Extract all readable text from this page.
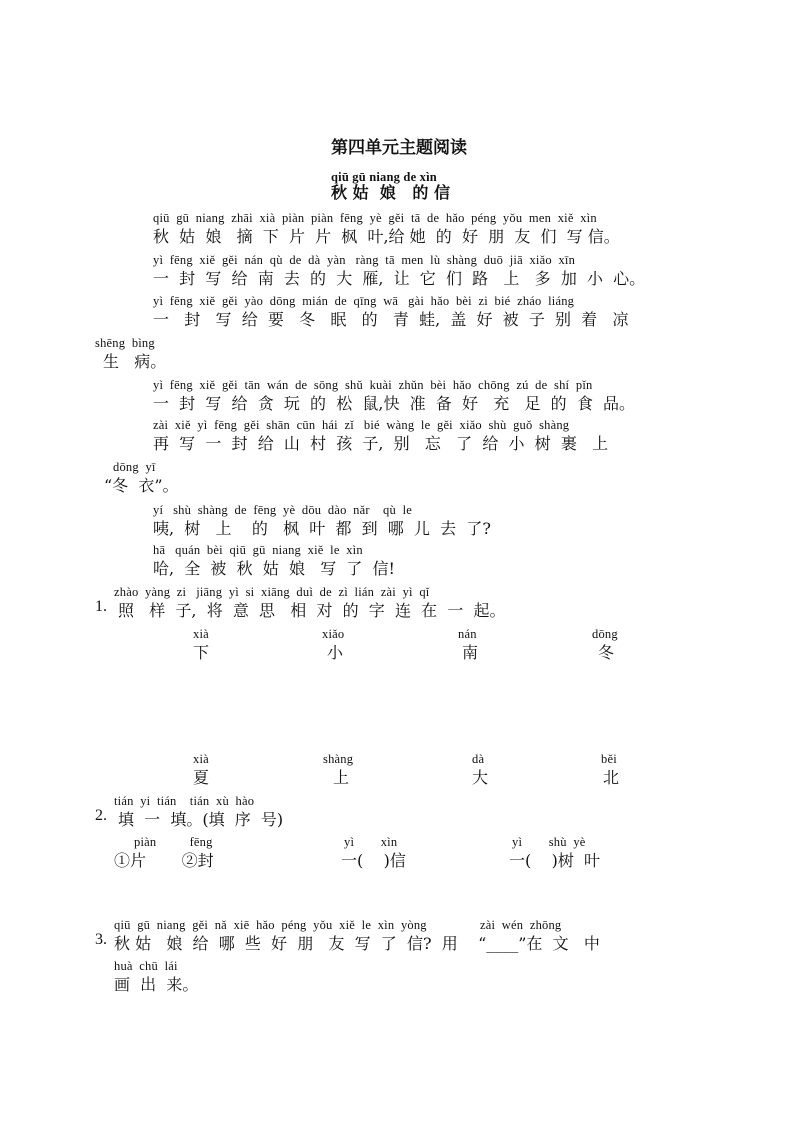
第四单元主题阅读
qiū gū niang de xìn
秋 姑  娘   的 信
qiū  gū  niang  zhāi  xià  piàn  piàn  fēng  yè  gěi  tā  de  hǎo  péng  yǒu  men  xiě  xìn
秋  姑  娘   摘  下  片  片  枫  叶,给 她  的  好  朋  友  们  写 信。
yì  fēng  xiě  gěi  nán  qù  de  dà  yàn   ràng  tā  men  lù  shàng  duō  jiā  xiǎo  xīn
一  封  写  给  南  去  的  大  雁,  让  它  们  路   上   多  加  小  心。
yì  fēng  xiě  gěi  yào  dōng  mián  de  qīng  wā   gài  hǎo  bèi  zi  bié  zháo  liáng
一   封   写  给  要   冬   眠   的   青  蛙,  盖  好  被  子  别  着   凉
shēng  bìng
生   病。
yì  fēng  xiě  gěi  tān  wán  de  sōng  shǔ  kuài  zhǔn  bèi  hǎo  chōng  zú  de  shí  pǐn
一  封  写  给  贪  玩  的  松  鼠,快  准  备  好   充   足  的  食  品。
zài  xiě  yì  fēng  gěi  shān  cūn  hái  zǐ   bié  wàng  le  gěi  xiǎo  shù  guǒ  shàng
再  写  一  封  给  山  村  孩  子,  别   忘   了  给  小  树  裹   上
dōng  yī
“冬  衣”。
yí   shù  shàng  de  fēng  yè  dōu  dào  nǎr    qù  le
咦,  树   上    的   枫  叶  都  到  哪  儿  去  了?
hā   quán  bèi  qiū  gū  niang  xiě  le  xìn
哈,  全  被  秋  姑  娘   写  了  信!
zhào  yàng  zi   jiāng  yì  si  xiāng  duì  de  zì  lián  zài  yì  qǐ
1. 照   样  子,  将  意  思   相  对  的  字  连  在  一  起。
xià
下
xiǎo
小
nán
南
dōng
冬
xià
夏
shàng
上
dà
大
běi
北
tián  yi  tián    tián  xù  hào
2. 填  一  填。(填  序  号)
piàn          fēng
①片       ②封
yì        xìn
一(    )信
yì        shù  yè
一(    )树  叶
qiū  gū  niang  gěi  nǎ  xiē  hǎo  péng  yǒu  xiě  le  xìn  yòng                zài  wén  zhōng
3. 秋 姑   娘  给  哪  些  好  朋   友  写  了  信?  用    “____”在  文   中
huà  chū  lái
画  出  来。
